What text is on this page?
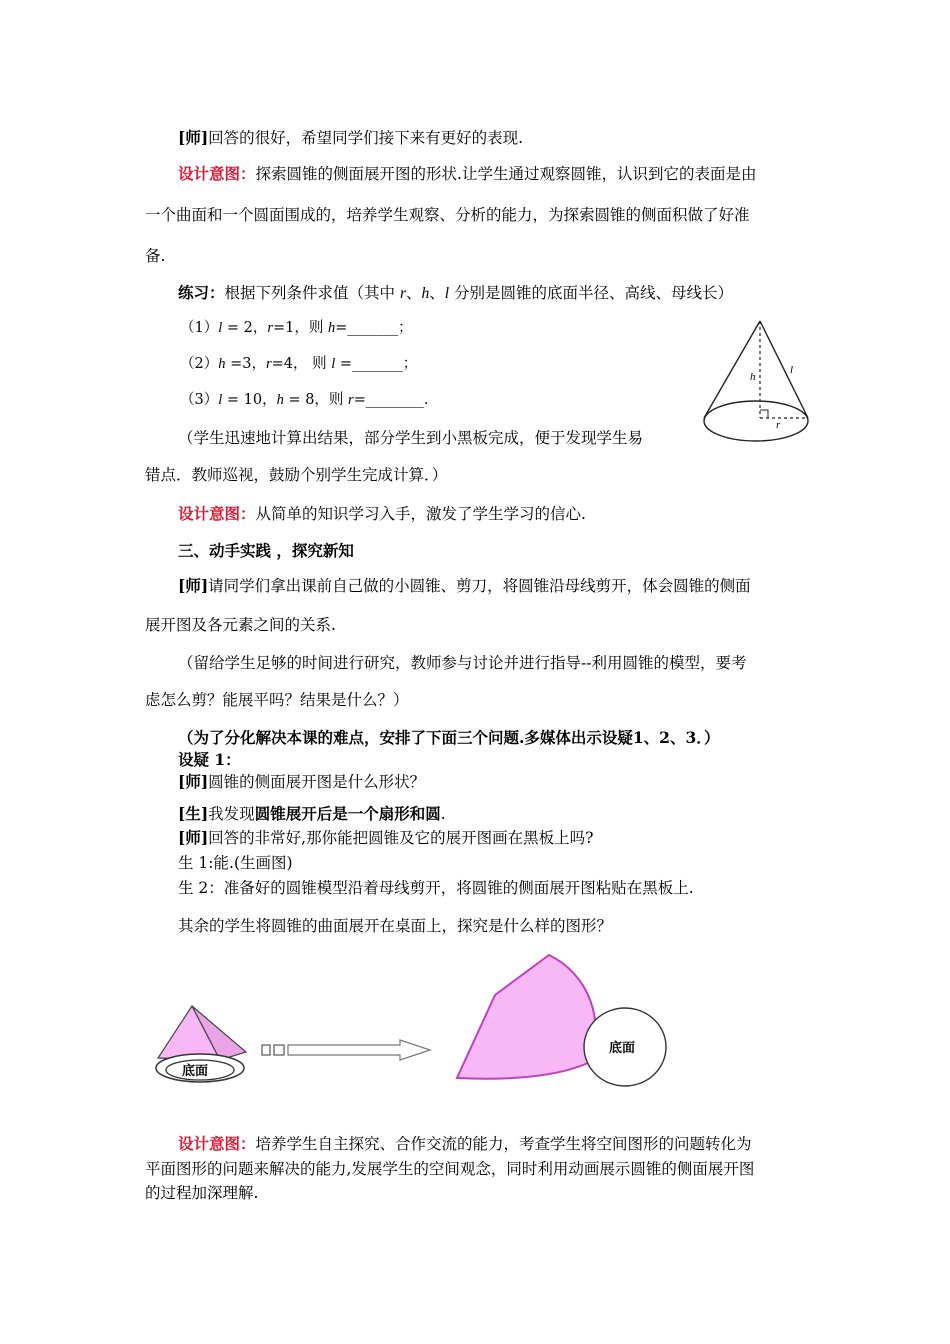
[师]回答的很好，希望同学们接下来有更好的表现.
设计意图：探索圆锥的侧面展开图的形状.让学生通过观察圆锥，认识到它的表面是由
一个曲面和一个圆面围成的，培养学生观察、分析的能力，为探索圆锥的侧面积做了好准
备.
练习：根据下列条件求值（其中 r、h、l 分别是圆锥的底面半径、高线、母线长）
（1）l = 2，r=1，则 h=_______；
（2）h =3，r=4， 则 l =_______；
（3）l = 10，h = 8，则 r=________.
h
l
r
（学生迅速地计算出结果，部分学生到小黑板完成，便于发现学生易
错点．教师巡视，鼓励个别学生完成计算．）
设计意图：从简单的知识学习入手，激发了学生学习的信心.
三、动手实践 ，探究新知
[师]请同学们拿出课前自己做的小圆锥、剪刀，将圆锥沿母线剪开，体会圆锥的侧面
展开图及各元素之间的关系.
（留给学生足够的时间进行研究，教师参与讨论并进行指导--利用圆锥的模型，要考
虑怎么剪？能展平吗？结果是什么？）
（为了分化解决本课的难点，安排了下面三个问题.多媒体出示设疑1、2、3．）
设疑 1：
[师]圆锥的侧面展开图是什么形状？
[生]我发现圆锥展开后是一个扇形和圆.
[师]回答的非常好,那你能把圆锥及它的展开图画在黑板上吗?
生 1:能.(生画图)
生 2：准备好的圆锥模型沿着母线剪开，将圆锥的侧面展开图粘贴在黑板上.
其余的学生将圆锥的曲面展开在桌面上，探究是什么样的图形？
底面
底面
设计意图：培养学生自主探究、合作交流的能力，考查学生将空间图形的问题转化为
平面图形的问题来解决的能力,发展学生的空间观念，同时利用动画展示圆锥的侧面展开图
的过程加深理解.
